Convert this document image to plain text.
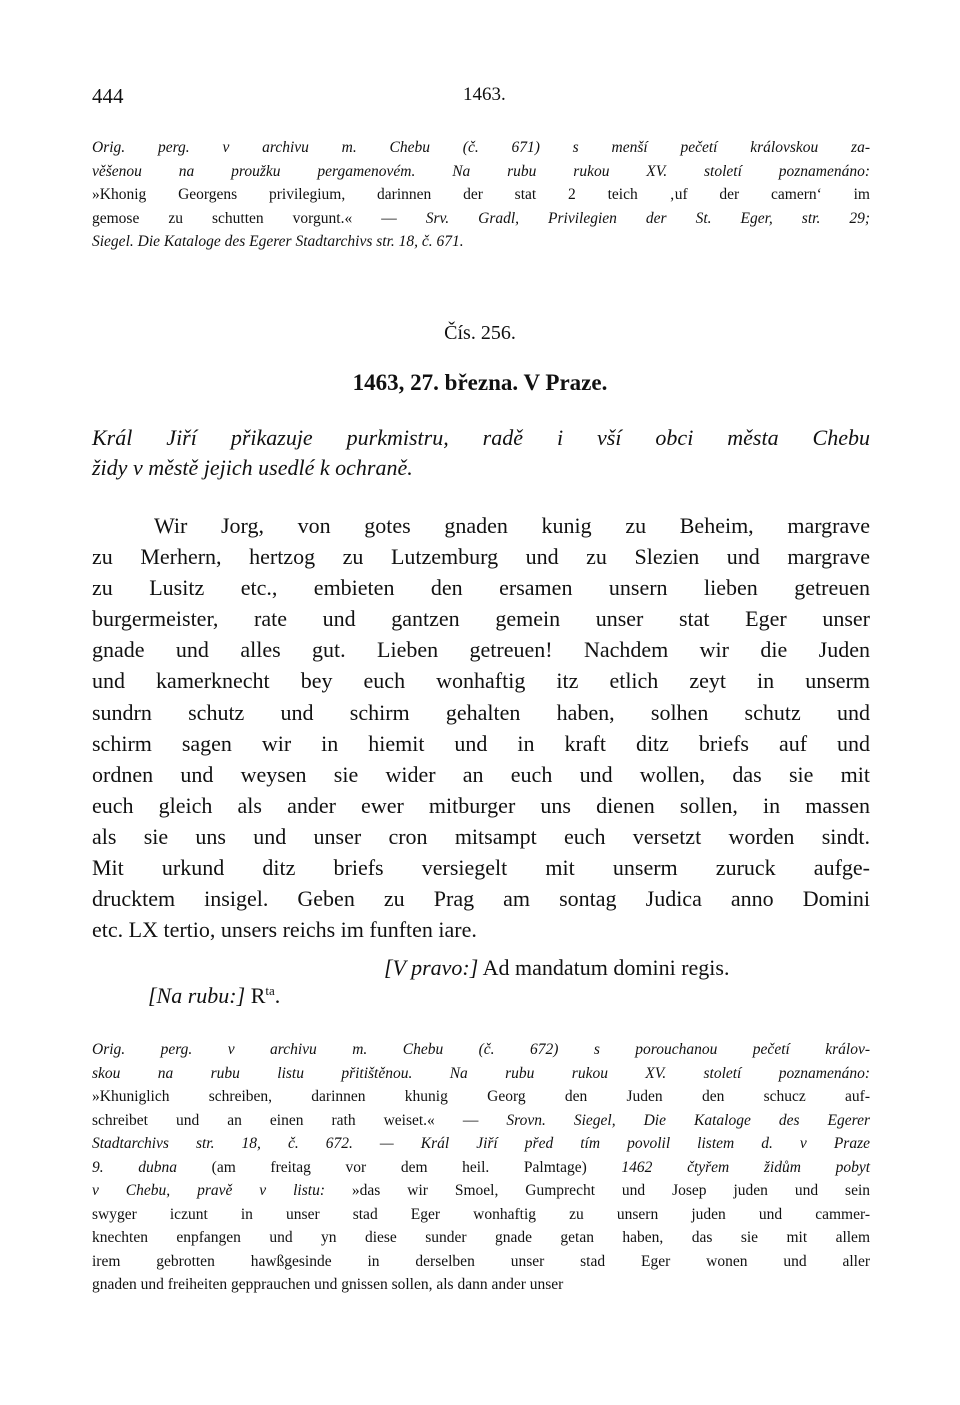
444	1463.
Orig. perg. v archivu m. Chebu (č. 671) s menší pečetí královskou za-
věšenou na proužku pergamenovém. Na rubu rukou XV. století poznamenáno:
»Khonig Georgens privilegium, darinnen der stat 2 teich ‚uf der camern‘ im
gemose zu schutten vorgunt.« — Srv. Gradl, Privilegien der St. Eger, str. 29;
Siegel. Die Kataloge des Egerer Stadtarchivs str. 18, č. 671.
Čís. 256.
1463, 27. března. V Praze.
Král Jiří přikazuje purkmistru, radě i vší obci města Chebu
židy v městě jejich usedlé k ochraně.
Wir Jorg, von gotes gnaden kunig zu Beheim, margrave
zu Merhern, hertzog zu Lutzemburg und zu Slezien und margrave
zu Lusitz etc., embieten den ersamen unsern lieben getreuen
burgermeister, rate und gantzen gemein unser stat Eger unser
gnade und alles gut. Lieben getreuen! Nachdem wir die Juden
und kamerknecht bey euch wonhaftig itz etlich zeyt in unserm
sundrn schutz und schirm gehalten haben, solhen schutz und
schirm sagen wir in hiemit und in kraft ditz briefs auf und
ordnen und weysen sie wider an euch und wollen, das sie mit
euch gleich als ander ewer mitburger uns dienen sollen, in massen
als sie uns und unser cron mitsampt euch versetzt worden sindt.
Mit urkund ditz briefs versiegelt mit unserm zuruck aufge-
drucktem insigel. Geben zu Prag am sontag Judica anno Domini
etc. LX tertio, unsers reichs im funften iare.
[V pravo:] Ad mandatum domini regis.
[Na rubu:] $R^{ta}$.
Orig. perg. v archivu m. Chebu (č. 672) s porouchanou pečetí králov-
skou na rubu listu přitištěnou. Na rubu rukou XV. století poznamenáno:
»Khuniglich schreiben, darinnen khunig Georg den Juden den schucz auf-
schreibet und an einen rath weiset.« — Srovn. Siegel, Die Kataloge des Egerer
Stadtarchivs str. 18, č. 672. — Král Jiří před tím povolil listem d. v Praze
9. dubna (am freitag vor dem heil. Palmtage) 1462 čtyřem židům pobyt
v Chebu, pravě v listu: »das wir Smoel, Gumprecht und Josep juden und sein
swyger iczunt in unser stad Eger wonhaftig zu unsern juden und cammer-
knechten enpfangen und yn diese sunder gnade getan haben, das sie mit allem
irem gebrotten hawßgesinde in derselben unser stad Eger wonen und aller
gnaden und freiheiten gepprauchen und gnissen sollen, als dann ander unser
